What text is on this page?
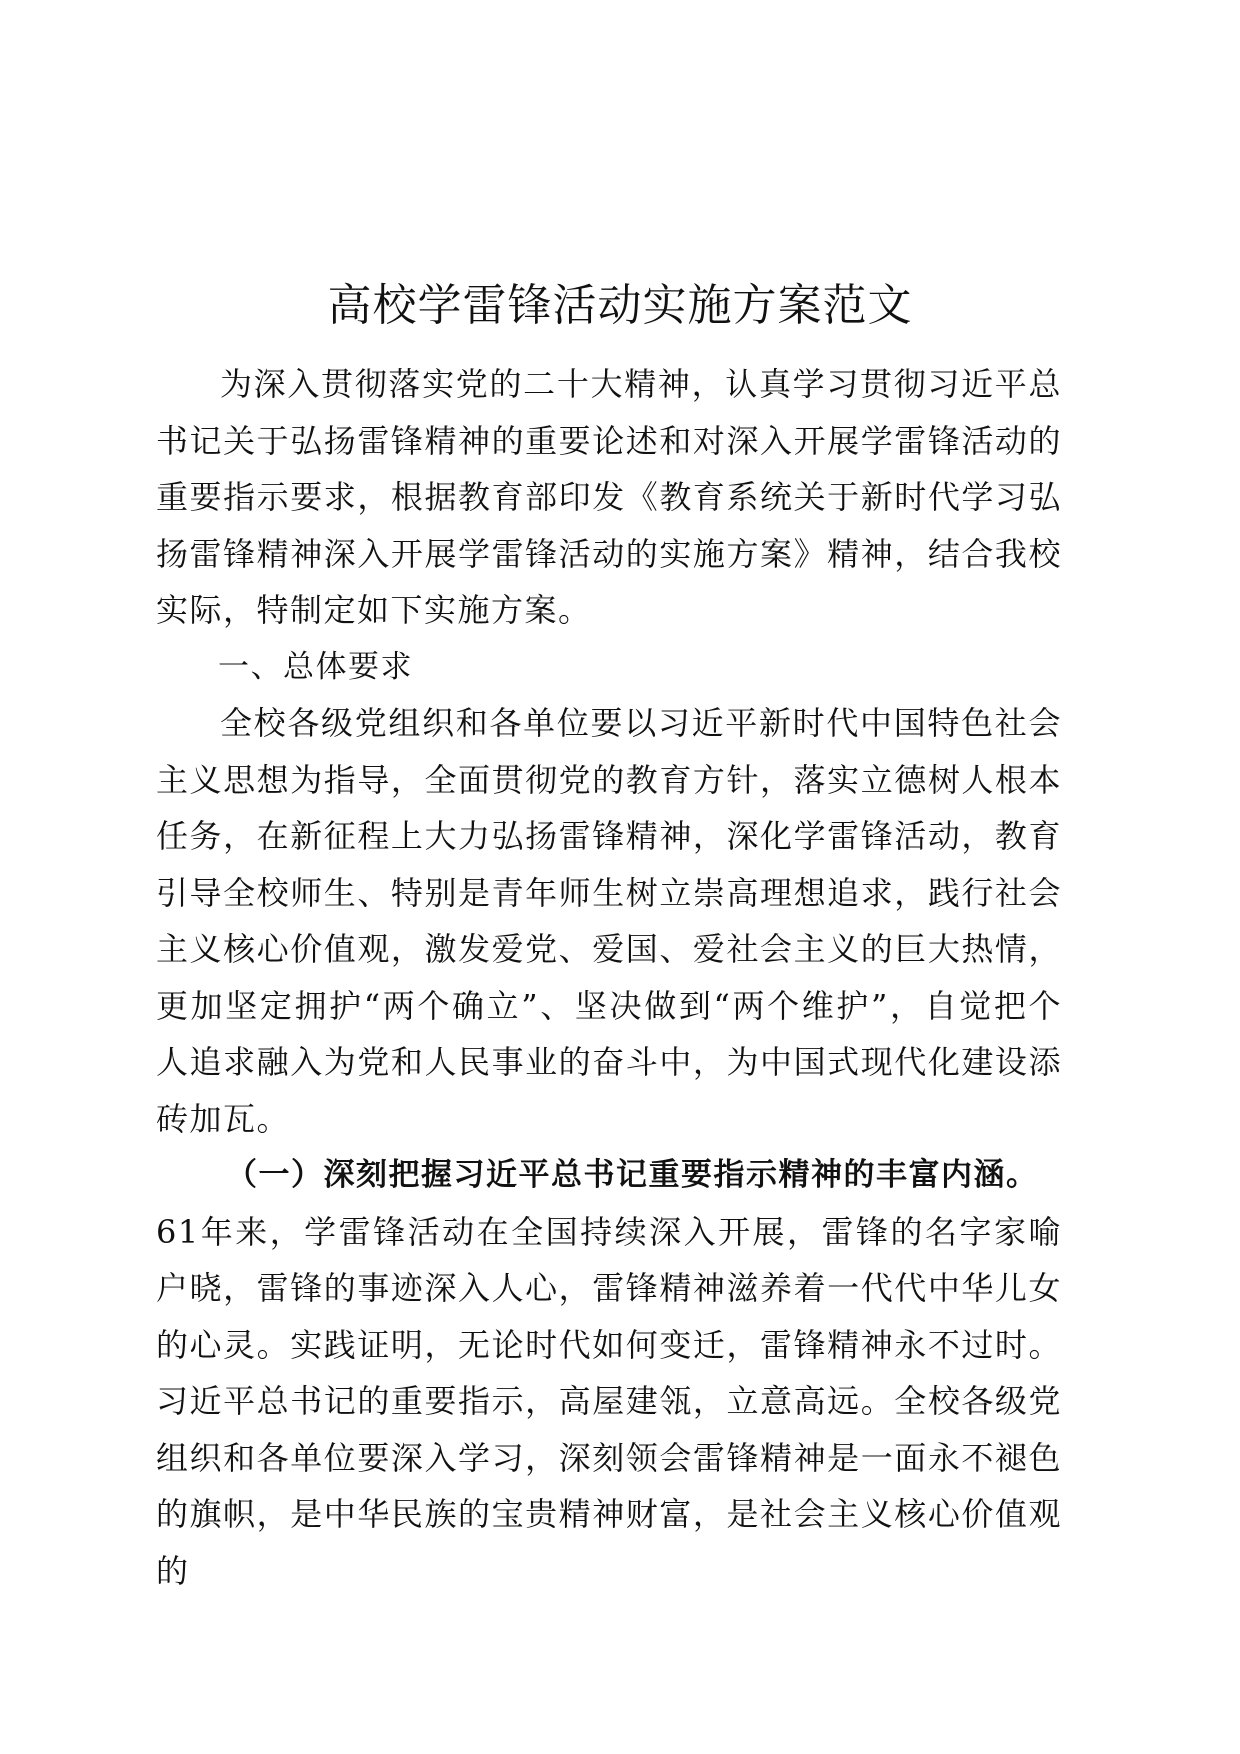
高校学雷锋活动实施方案范文

为深入贯彻落实党的二十大精神，认真学习贯彻习近平总书记关于弘扬雷锋精神的重要论述和对深入开展学雷锋活动的重要指示要求，根据教育部印发《教育系统关于新时代学习弘扬雷锋精神深入开展学雷锋活动的实施方案》精神，结合我校实际，特制定如下实施方案。

一、总体要求

全校各级党组织和各单位要以习近平新时代中国特色社会主义思想为指导，全面贯彻党的教育方针，落实立德树人根本任务，在新征程上大力弘扬雷锋精神，深化学雷锋活动，教育引导全校师生、特别是青年师生树立崇高理想追求，践行社会主义核心价值观，激发爱党、爱国、爱社会主义的巨大热情，更加坚定拥护“两个确立”、坚决做到“两个维护”，自觉把个人追求融入为党和人民事业的奋斗中，为中国式现代化建设添砖加瓦。

（一）深刻把握习近平总书记重要指示精神的丰富内涵。
61年来，学雷锋活动在全国持续深入开展，雷锋的名字家喻户晓，雷锋的事迹深入人心，雷锋精神滋养着一代代中华儿女的心灵。实践证明，无论时代如何变迁，雷锋精神永不过时。习近平总书记的重要指示，高屋建瓴，立意高远。全校各级党组织和各单位要深入学习，深刻领会雷锋精神是一面永不褪色的旗帜，是中华民族的宝贵精神财富，是社会主义核心价值观的
